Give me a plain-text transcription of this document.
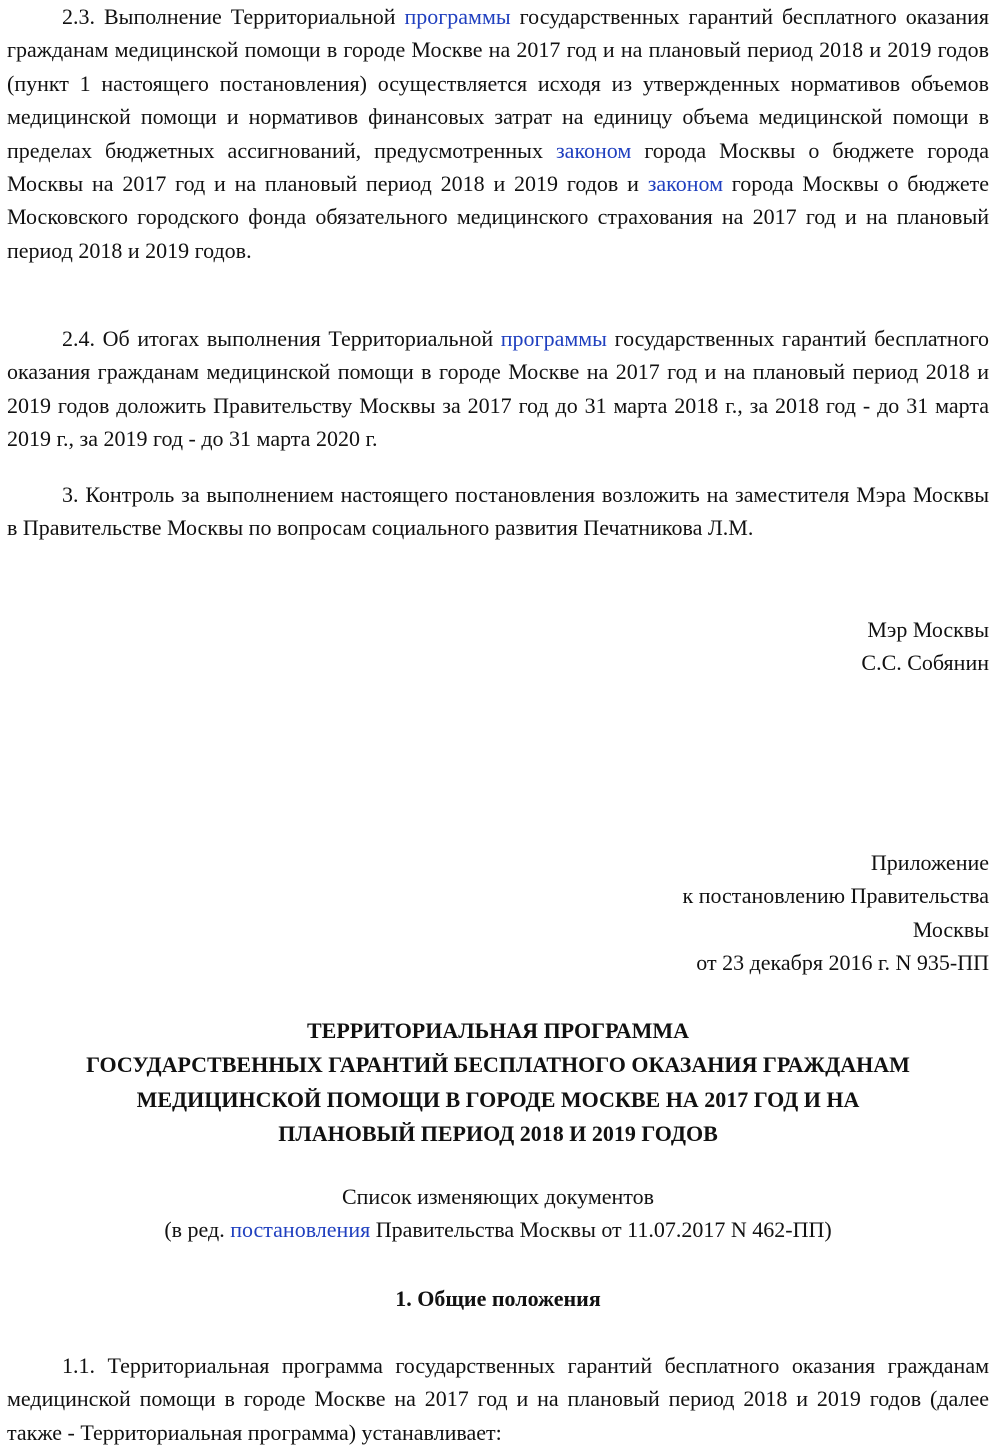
2.3. Выполнение Территориальной программы государственных гарантий бесплатного оказания гражданам медицинской помощи в городе Москве на 2017 год и на плановый период 2018 и 2019 годов (пункт 1 настоящего постановления) осуществляется исходя из утвержденных нормативов объемов медицинской помощи и нормативов финансовых затрат на единицу объема медицинской помощи в пределах бюджетных ассигнований, предусмотренных законом города Москвы о бюджете города Москвы на 2017 год и на плановый период 2018 и 2019 годов и законом города Москвы о бюджете Московского городского фонда обязательного медицинского страхования на 2017 год и на плановый период 2018 и 2019 годов.

2.4. Об итогах выполнения Территориальной программы государственных гарантий бесплатного оказания гражданам медицинской помощи в городе Москве на 2017 год и на плановый период 2018 и 2019 годов доложить Правительству Москвы за 2017 год до 31 марта 2018 г., за 2018 год - до 31 марта 2019 г., за 2019 год - до 31 марта 2020 г.

3. Контроль за выполнением настоящего постановления возложить на заместителя Мэра Москвы в Правительстве Москвы по вопросам социального развития Печатникова Л.М.

Мэр Москвы

С.С. Собянин

Приложение

к постановлению Правительства

Москвы

от 23 декабря 2016 г. N 935-ПП

ТЕРРИТОРИАЛЬНАЯ ПРОГРАММА
ГОСУДАРСТВЕННЫХ ГАРАНТИЙ БЕСПЛАТНОГО ОКАЗАНИЯ ГРАЖДАНАМ
МЕДИЦИНСКОЙ ПОМОЩИ В ГОРОДЕ МОСКВЕ НА 2017 ГОД И НА
ПЛАНОВЫЙ ПЕРИОД 2018 И 2019 ГОДОВ

Список изменяющих документов

(в ред. постановления Правительства Москвы от 11.07.2017 N 462-ПП)

1. Общие положения

1.1. Территориальная программа государственных гарантий бесплатного оказания гражданам медицинской помощи в городе Москве на 2017 год и на плановый период 2018 и 2019 годов (далее также - Территориальная программа) устанавливает:
